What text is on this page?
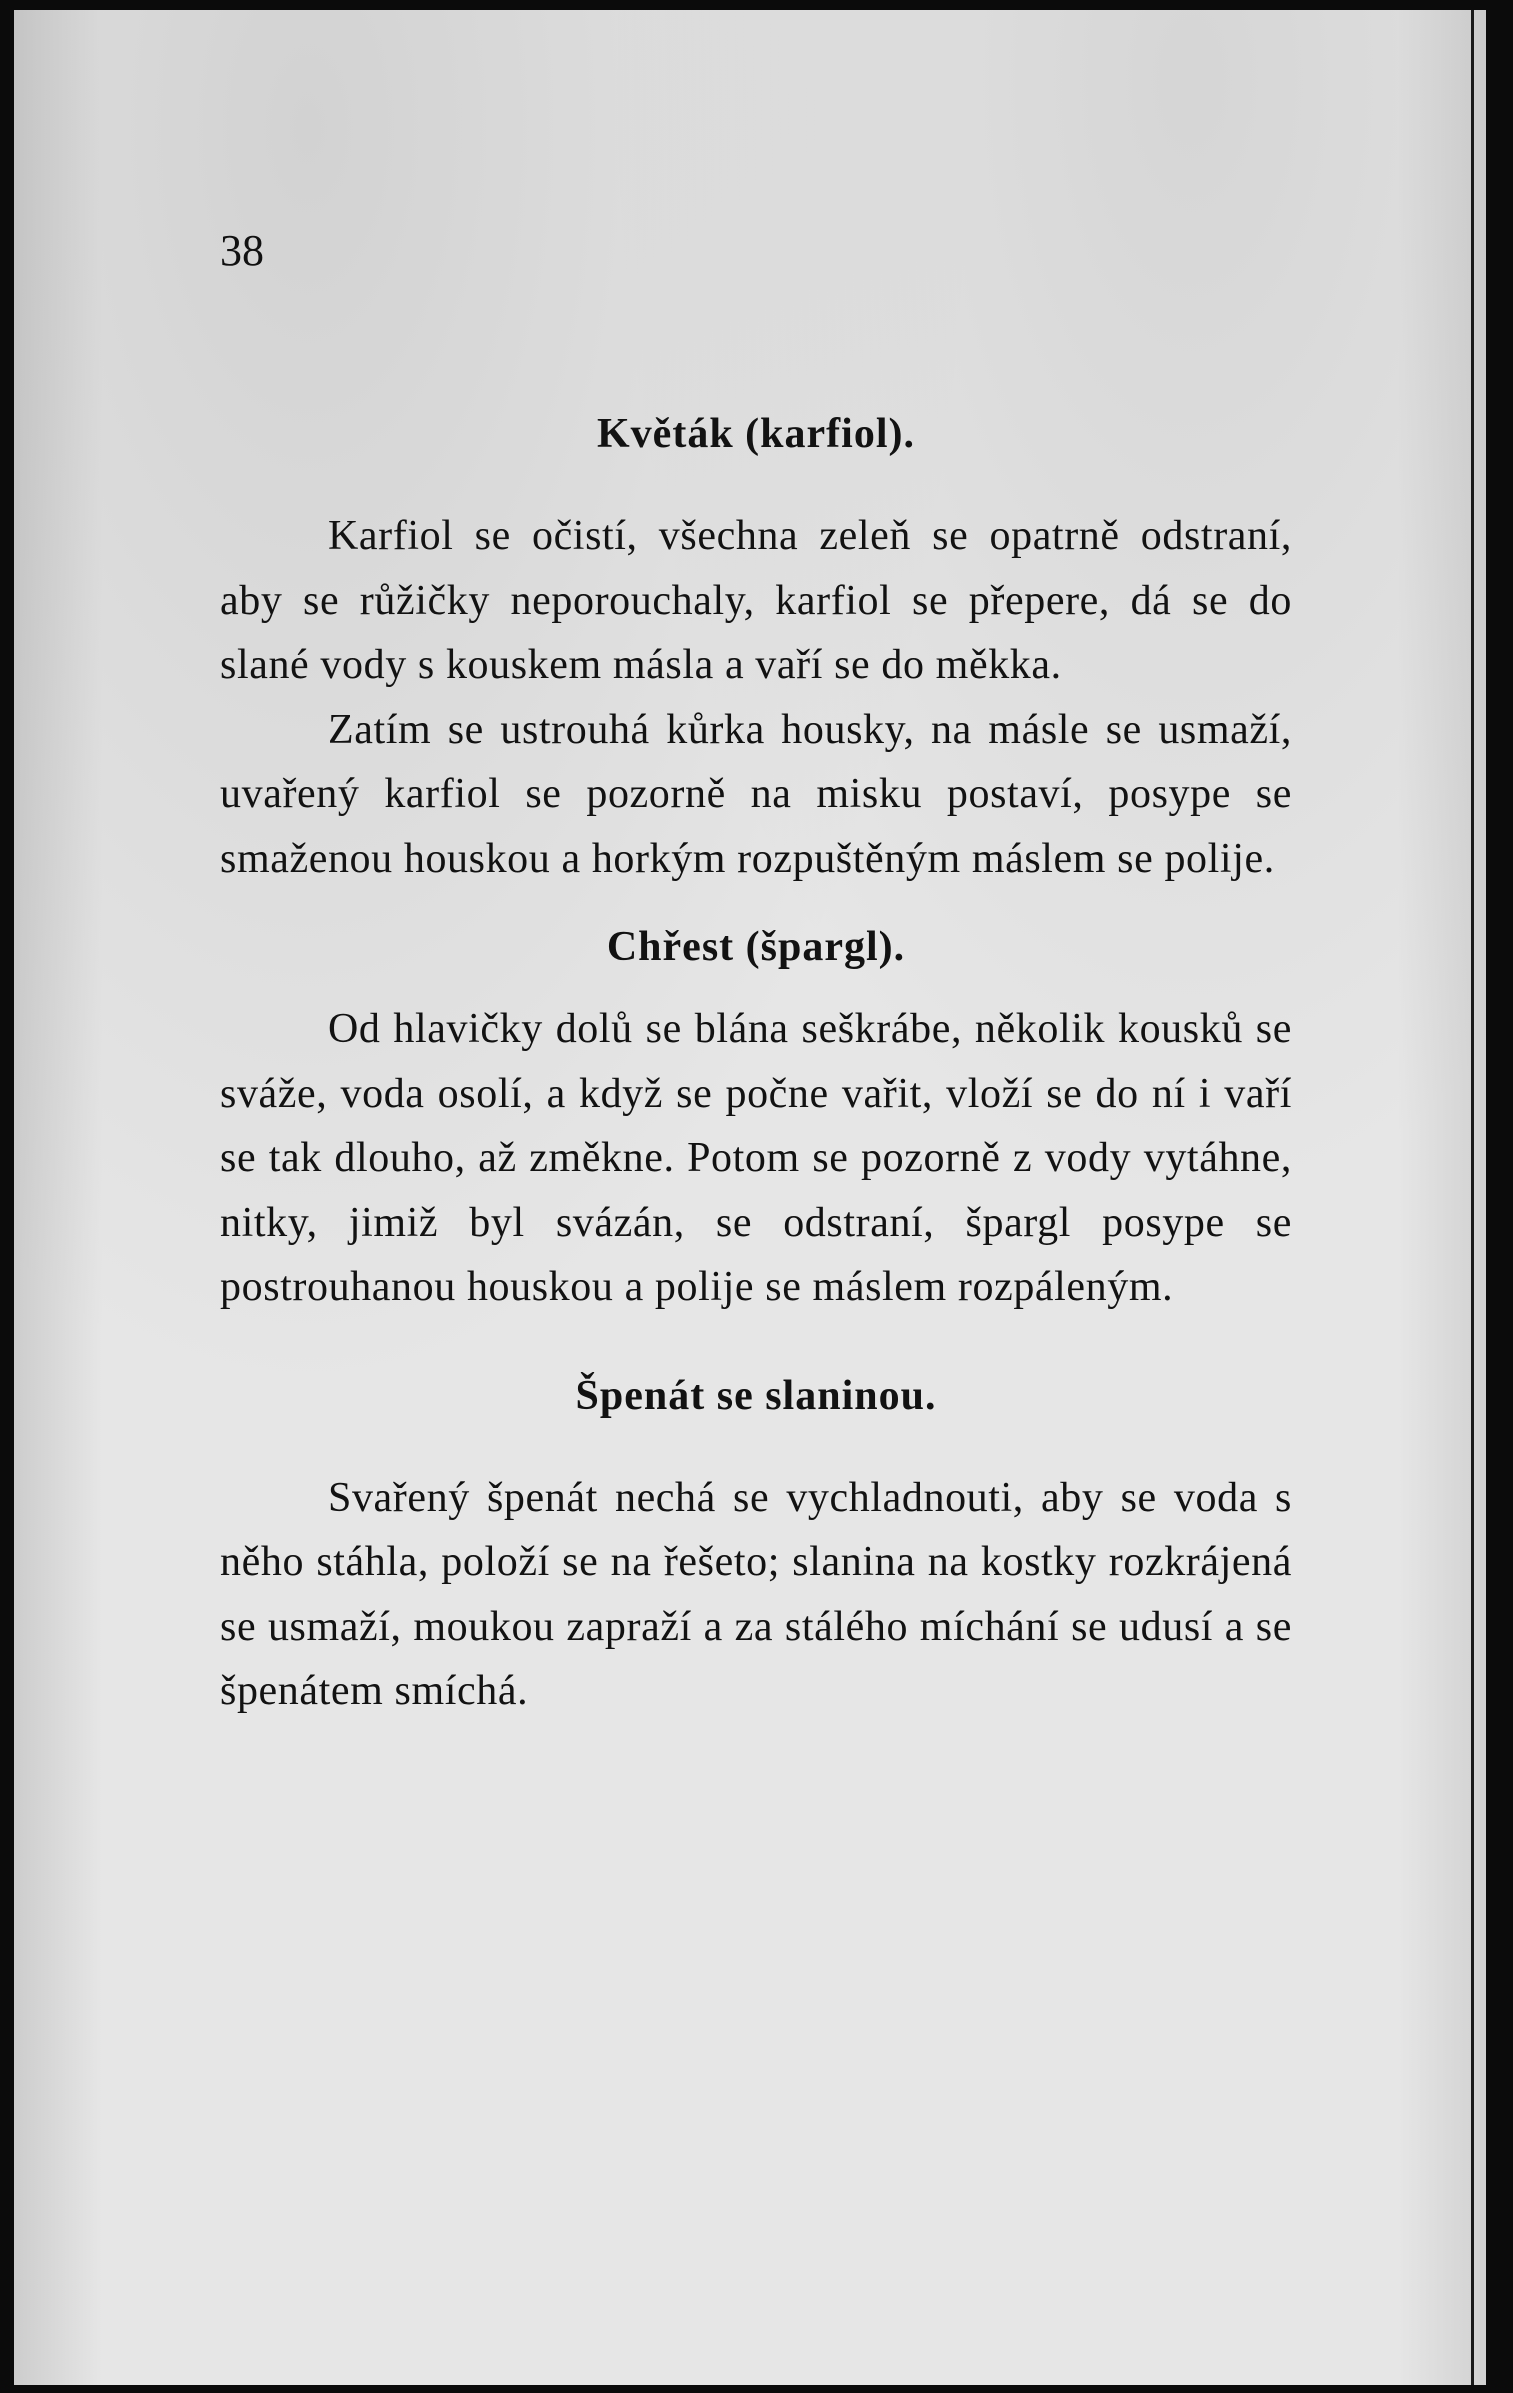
38

Květák (karfiol).

Karfiol se očistí, všechna zeleň se opatrně odstraní, aby se růžičky neporouchaly, karfiol se přepere, dá se do slané vody s kouskem másla a vaří se do měkka.

Zatím se ustrouhá kůrka housky, na másle se usmaží, uvařený karfiol se pozorně na misku postaví, posype se smaženou houskou a horkým rozpuštěným máslem se polije.

Chřest (špargl).

Od hlavičky dolů se blána seškrábe, několik kousků se sváže, voda osolí, a když se počne vařit, vloží se do ní i vaří se tak dlouho, až změkne. Potom se pozorně z vody vytáhne, nitky, jimiž byl svázán, se odstraní, špargl posype se postrouhanou houskou a polije se máslem rozpáleným.

Špenát se slaninou.

Svařený špenát nechá se vychladnouti, aby se voda s něho stáhla, položí se na řešeto; slanina na kostky rozkrájená se usmaží, moukou zapraží a za stálého míchání se udusí a se špenátem smíchá.
